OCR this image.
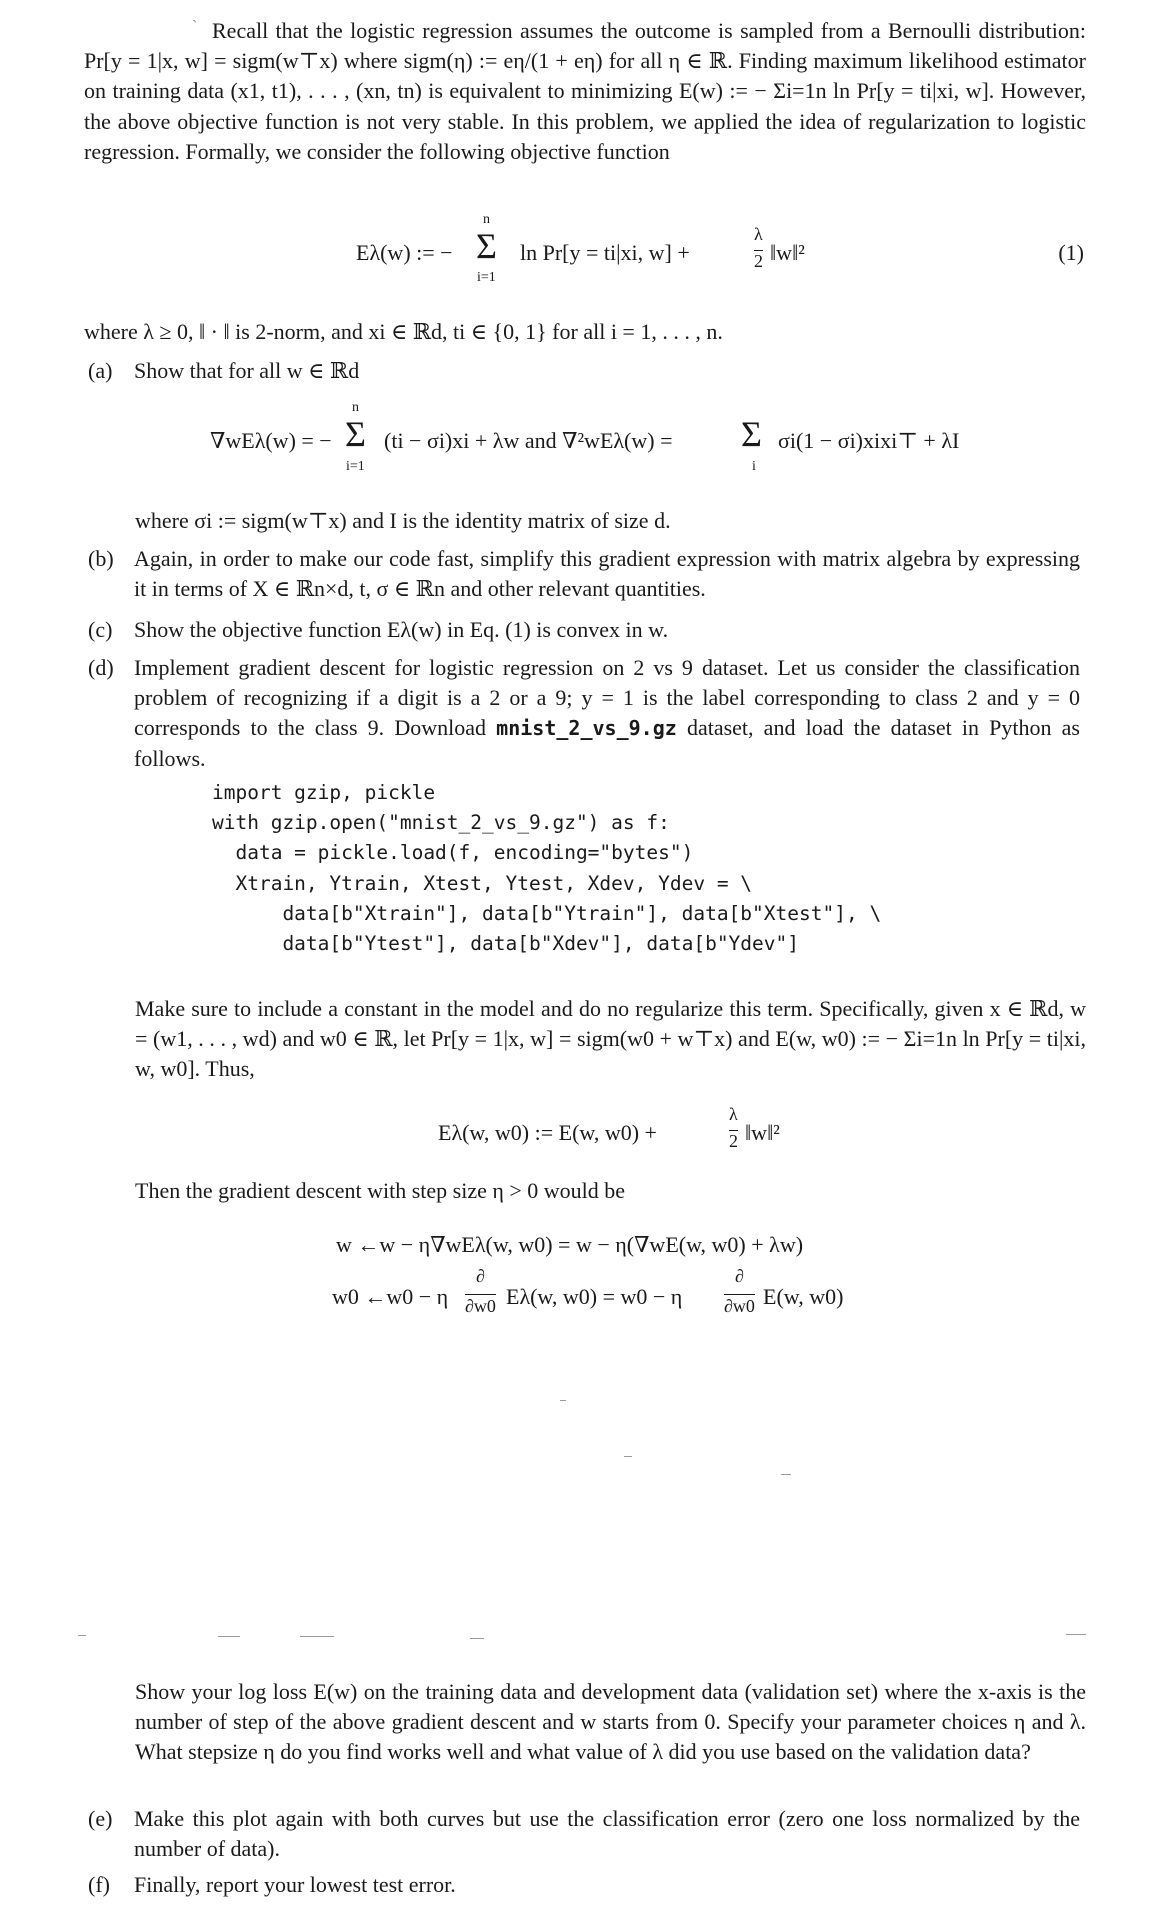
` Recall that the logistic regression assumes the outcome is sampled from a Bernoulli distribution: Pr[y = 1|x, w] = sigm(w⊤x) where sigm(η) := eη/(1 + eη) for all η ∈ ℝ. Finding maximum likelihood estimator on training data (x1, t1), . . . , (xn, tn) is equivalent to minimizing E(w) := − Σi=1n ln Pr[y = ti|xi, w]. However, the above objective function is not very stable. In this problem, we applied the idea of regularization to logistic regression. Formally, we consider the following objective function

Eλ(w) := −
n
Σ
i=1
ln Pr[y = ti|xi, w] +
λ
2 ‖w‖²	(1)

where λ ≥ 0, ‖ · ‖ is 2-norm, and xi ∈ ℝd, ti ∈ {0, 1} for all i = 1, . . . , n.

(a) Show that for all w ∈ ℝd
∇wEλ(w) = −
n
Σ
i=1
(ti − σi)xi + λw and ∇²wEλ(w) = Σ
i
σi(1 − σi)xixi⊤ + λI

where σi := sigm(w⊤x) and I is the identity matrix of size d.

(b) Again, in order to make our code fast, simplify this gradient expression with matrix algebra by expressing it in terms of X ∈ ℝn×d, t, σ ∈ ℝn and other relevant quantities.
(c) Show the objective function Eλ(w) in Eq. (1) is convex in w.
(d) Implement gradient descent for logistic regression on 2 vs 9 dataset. Let us consider the classification problem of recognizing if a digit is a 2 or a 9; y = 1 is the label corresponding to class 2 and y = 0 corresponds to the class 9. Download mnist_2_vs_9.gz dataset, and load the dataset in Python as follows.
import gzip, pickle
with gzip.open("mnist_2_vs_9.gz") as f:
data = pickle.load(f, encoding="bytes")
Xtrain, Ytrain, Xtest, Ytest, Xdev, Ydev = \
data[b"Xtrain"], data[b"Ytrain"], data[b"Xtest"], \
data[b"Ytest"], data[b"Xdev"], data[b"Ydev"]

Make sure to include a constant in the model and do no regularize this term. Specifically, given x ∈ ℝd, w = (w1, . . . , wd) and w0 ∈ ℝ, let Pr[y = 1|x, w] = sigm(w0 + w⊤x) and E(w, w0) := − Σi=1n ln Pr[y = ti|xi, w, w0]. Thus,

Eλ(w, w0) := E(w, w0) +
λ
2 ‖w‖²

Then the gradient descent with step size η > 0 would be

w ←w − η∇wEλ(w, w0) = w − η(∇wE(w, w0) + λw)
w0 ←w0 − η
∂
∂w0 Eλ(w, w0) = w0 − η
∂
∂w0 E(w, w0)

Show your log loss E(w) on the training data and development data (validation set) where the x-axis is the number of step of the above gradient descent and w starts from 0. Specify your parameter choices η and λ. What stepsize η do you find works well and what value of λ did you use based on the validation data?

(e) Make this plot again with both curves but use the classification error (zero one loss normalized by the number of data).
(f) Finally, report your lowest test error.
